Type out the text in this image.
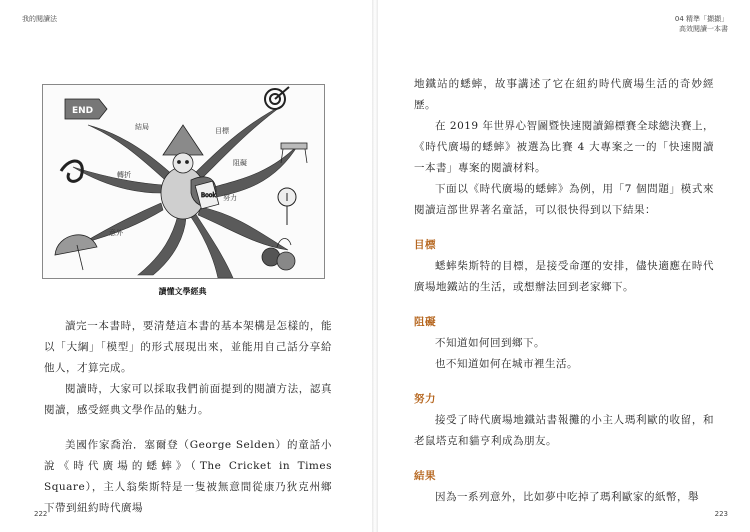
我的閱讀法
Book
END
結局	目標
阻礙
努力
轉折
意外
讀懂文學經典

讀完一本書時，要清楚這本書的基本架構是怎樣的，能以「大綱」「模型」的形式展現出來，並能用自己話分享給他人，才算完成。

閱讀時，大家可以採取我們前面提到的閱讀方法，認真閱讀，感受經典文學作品的魅力。

美國作家喬治．塞爾登（George Selden）的童話小說《時代廣場的蟋蟀》（The Cricket in Times Square），主人翁柴斯特是一隻被無意間從康乃狄克州鄉下帶到紐約時代廣場

222
04 精準「擷擷」
高效閱讀一本書

地鐵站的蟋蟀，故事講述了它在紐約時代廣場生活的奇妙經歷。

在 2019 年世界心智圖暨快速閱讀錦標賽全球總決賽上，《時代廣場的蟋蟀》被選為比賽 4 大專案之一的「快速閱讀一本書」專案的閱讀材料。

下面以《時代廣場的蟋蟀》為例，用「7 個問題」模式來閱讀這部世界著名童話，可以很快得到以下結果：

目標

蟋蟀柴斯特的目標，是接受命運的安排，儘快適應在時代廣場地鐵站的生活，或想辦法回到老家鄉下。

阻礙

不知道如何回到鄉下。

也不知道如何在城市裡生活。

努力

接受了時代廣場地鐵站書報攤的小主人瑪利歐的收留，和老鼠塔克和貓亨利成為朋友。

結果

因為一系列意外，比如夢中吃掉了瑪利歐家的紙幣，舉

223
